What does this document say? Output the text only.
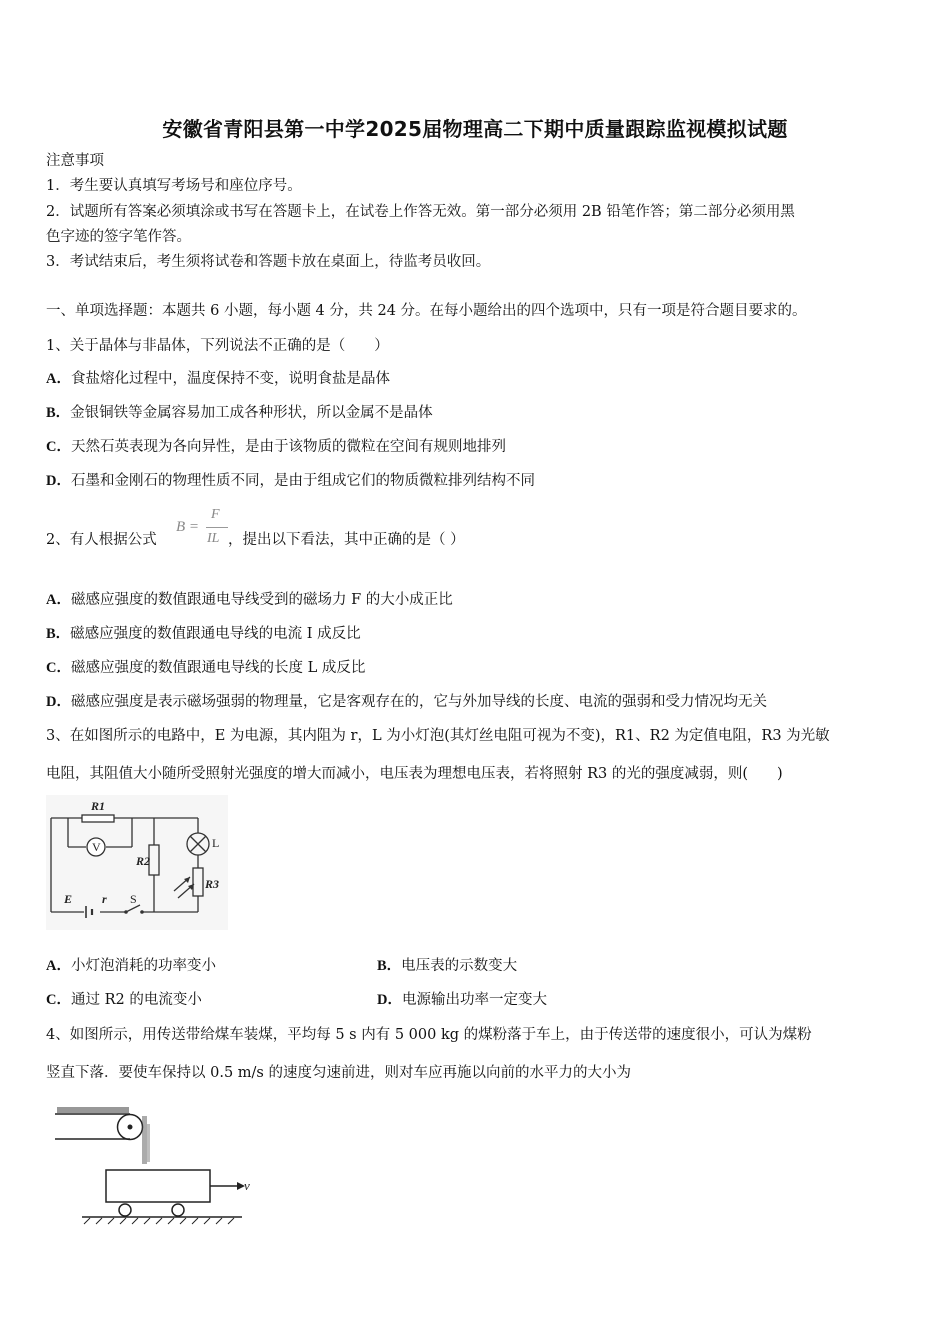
安徽省青阳县第一中学2025届物理高二下期中质量跟踪监视模拟试题
注意事项
1．考生要认真填写考场号和座位序号。
2．试题所有答案必须填涂或书写在答题卡上，在试卷上作答无效。第一部分必须用 2B 铅笔作答；第二部分必须用黑
色字迹的签字笔作答。
3．考试结束后，考生须将试卷和答题卡放在桌面上，待监考员收回。
一、单项选择题：本题共 6 小题，每小题 4 分，共 24 分。在每小题给出的四个选项中，只有一项是符合题目要求的。
1、关于晶体与非晶体，下列说法不正确的是（　　）
A．食盐熔化过程中，温度保持不变，说明食盐是晶体
B．金银铜铁等金属容易加工成各种形状，所以金属不是晶体
C．天然石英表现为各向异性，是由于该物质的微粒在空间有规则地排列
D．石墨和金刚石的物理性质不同，是由于组成它们的物质微粒排列结构不同
2、有人根据公式
B =
F
IL ，提出以下看法，其中正确的是（ ）
A．磁感应强度的数值跟通电导线受到的磁场力 F 的大小成正比
B．磁感应强度的数值跟通电导线的电流 I 成反比
C．磁感应强度的数值跟通电导线的长度 L 成反比
D．磁感应强度是表示磁场强弱的物理量，它是客观存在的，它与外加导线的长度、电流的强弱和受力情况均无关
3、在如图所示的电路中，E 为电源，其内阻为 r，L 为小灯泡(其灯丝电阻可视为不变)，R1、R2 为定值电阻，R3 为光敏
电阻，其阻值大小随所受照射光强度的增大而减小，电压表为理想电压表，若将照射 R3 的光的强度减弱，则(　　)
R1
R2
R3
E r
V	L
S
A．小灯泡消耗的功率变小	B．电压表的示数变大
C．通过 R2 的电流变小	D．电源输出功率一定变大
4、如图所示，用传送带给煤车装煤，平均每 5 s 内有 5 000 kg 的煤粉落于车上，由于传送带的速度很小，可认为煤粉
竖直下落．要使车保持以 0.5 m/s 的速度匀速前进，则对车应再施以向前的水平力的大小为
v
